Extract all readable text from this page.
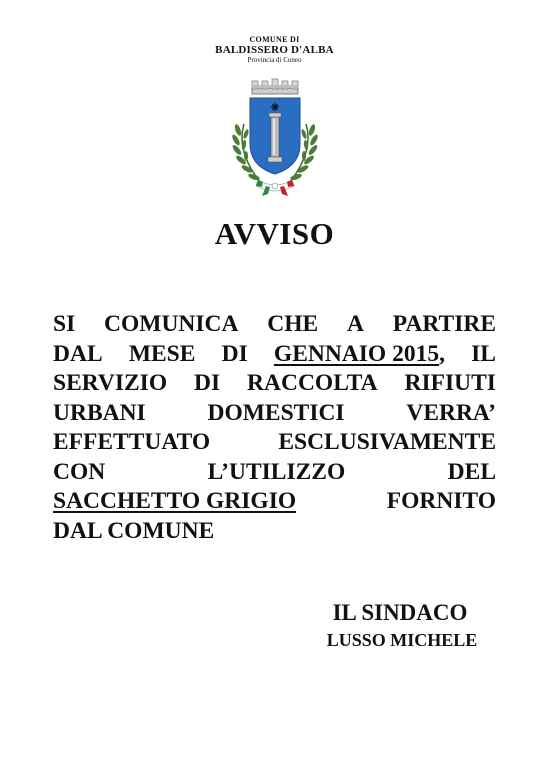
COMUNE DI
BALDISSERO D'ALBA
Provincia di Cuneo
AVVISO
SI COMUNICA CHE A PARTIRE
DAL MESE DI GENNAIO 2015, IL
SERVIZIO DI RACCOLTA RIFIUTI
URBANI	DOMESTICI	VERRA’
EFFETTUATO	ESCLUSIVAMENTE
CON	L’UTILIZZO	DEL
SACCHETTO GRIGIO	FORNITO
DAL COMUNE
IL SINDACO
LUSSO MICHELE
